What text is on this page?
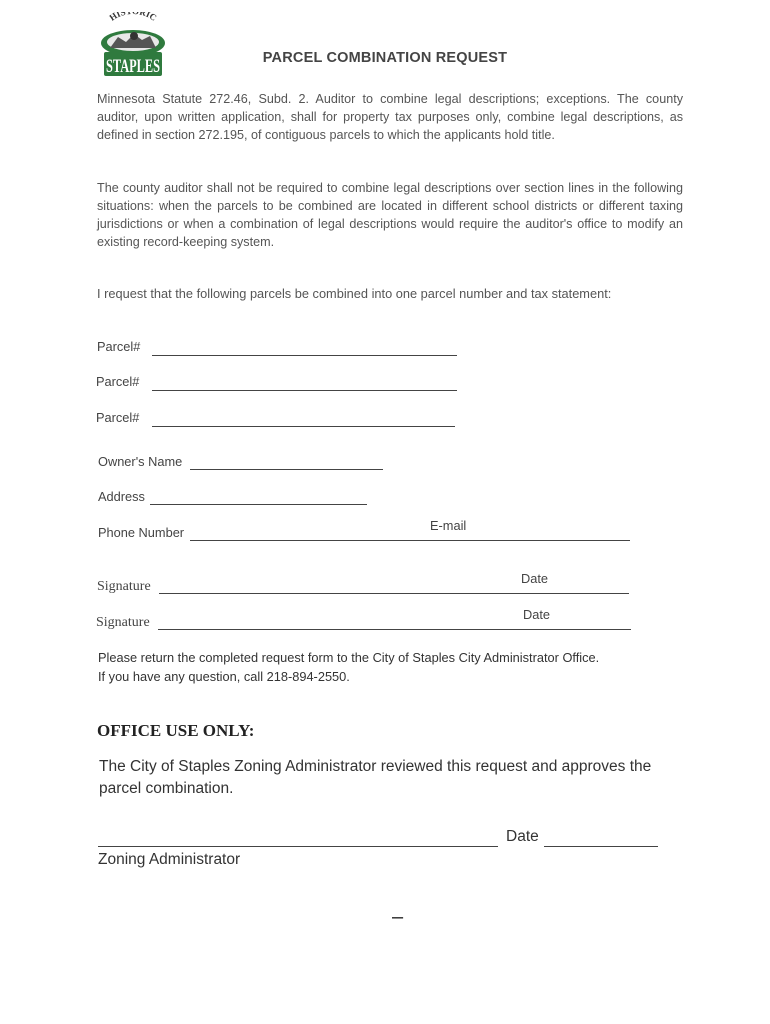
HIS RIC
STAPLES	PARCEL COMBINATION REQUEST

Minnesota Statute 272.46, Subd. 2. Auditor to combine legal descriptions; exceptions. The county auditor, upon written application, shall for property tax purposes only, combine legal descriptions, as defined in section 272.195, of contiguous parcels to which the applicants hold title.

The county auditor shall not be required to combine legal descriptions over section lines in the following situations: when the parcels to be combined are located in different school districts or different taxing jurisdictions or when a combination of legal descriptions would require the auditor's office to modify an existing record-keeping system.

I request that the following parcels be combined into one parcel number and tax statement:
Parcel#
Parcel#
Parcel#
Owner's Name
Address
Phone Number	E-mail
Signature
Date
Signature
Date
Please return the completed request form to the City of Staples City Administrator Office.
If you have any question, call 218-894-2550.
OFFICE USE ONLY:
The City of Staples Zoning Administrator reviewed this request and approves the parcel combination.
Date
Zoning Administrator
–
